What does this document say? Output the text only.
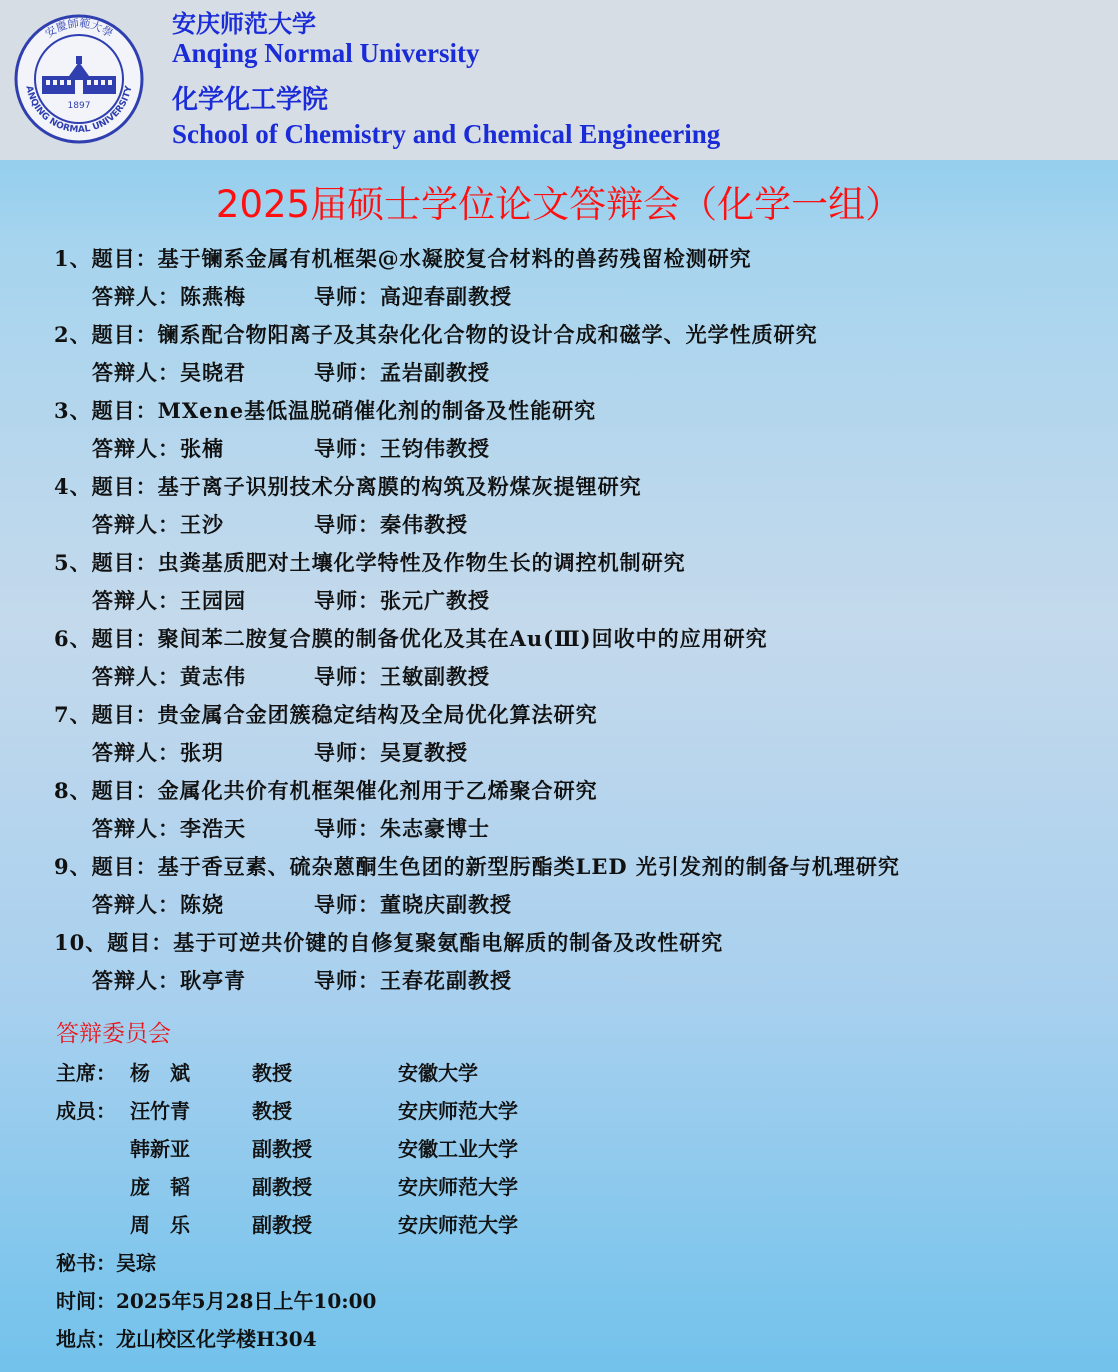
ANQING NORMAL UNIVERSITY
安慶師範大學
1897
安庆师范大学
Anqing Normal University
化学化工学院
School of Chemistry and Chemical Engineering
2025届硕士学位论文答辩会（化学一组）
1、题目：基于镧系金属有机框架@水凝胶复合材料的兽药残留检测研究
答辩人：陈燕梅	导师：高迎春副教授
2、题目：镧系配合物阳离子及其杂化化合物的设计合成和磁学、光学性质研究
答辩人：吴晓君	导师：孟岩副教授
3、题目：MXene基低温脱硝催化剂的制备及性能研究
答辩人：张楠	导师：王钧伟教授
4、题目：基于离子识别技术分离膜的构筑及粉煤灰提锂研究
答辩人：王沙	导师：秦伟教授
5、题目：虫粪基质肥对土壤化学特性及作物生长的调控机制研究
答辩人：王园园	导师：张元广教授
6、题目：聚间苯二胺复合膜的制备优化及其在Au(Ⅲ)回收中的应用研究
答辩人：黄志伟	导师：王敏副教授
7、题目：贵金属合金团簇稳定结构及全局优化算法研究
答辩人：张玥	导师：吴夏教授
8、题目：金属化共价有机框架催化剂用于乙烯聚合研究
答辩人：李浩天	导师：朱志豪博士
9、题目：基于香豆素、硫杂蒽酮生色团的新型肟酯类LED 光引发剂的制备与机理研究
答辩人：陈娆	导师：董晓庆副教授
10、题目：基于可逆共价键的自修复聚氨酯电解质的制备及改性研究
答辩人：耿亭青	导师：王春花副教授
答辩委员会
主席： 杨　斌	教授	安徽大学
成员： 汪竹青	教授	安庆师范大学
韩新亚	副教授	安徽工业大学
庞　韬	副教授	安庆师范大学
周　乐	副教授	安庆师范大学
秘书：吴琮
时间：2025年5月28日上午10:00
地点：龙山校区化学楼H304
